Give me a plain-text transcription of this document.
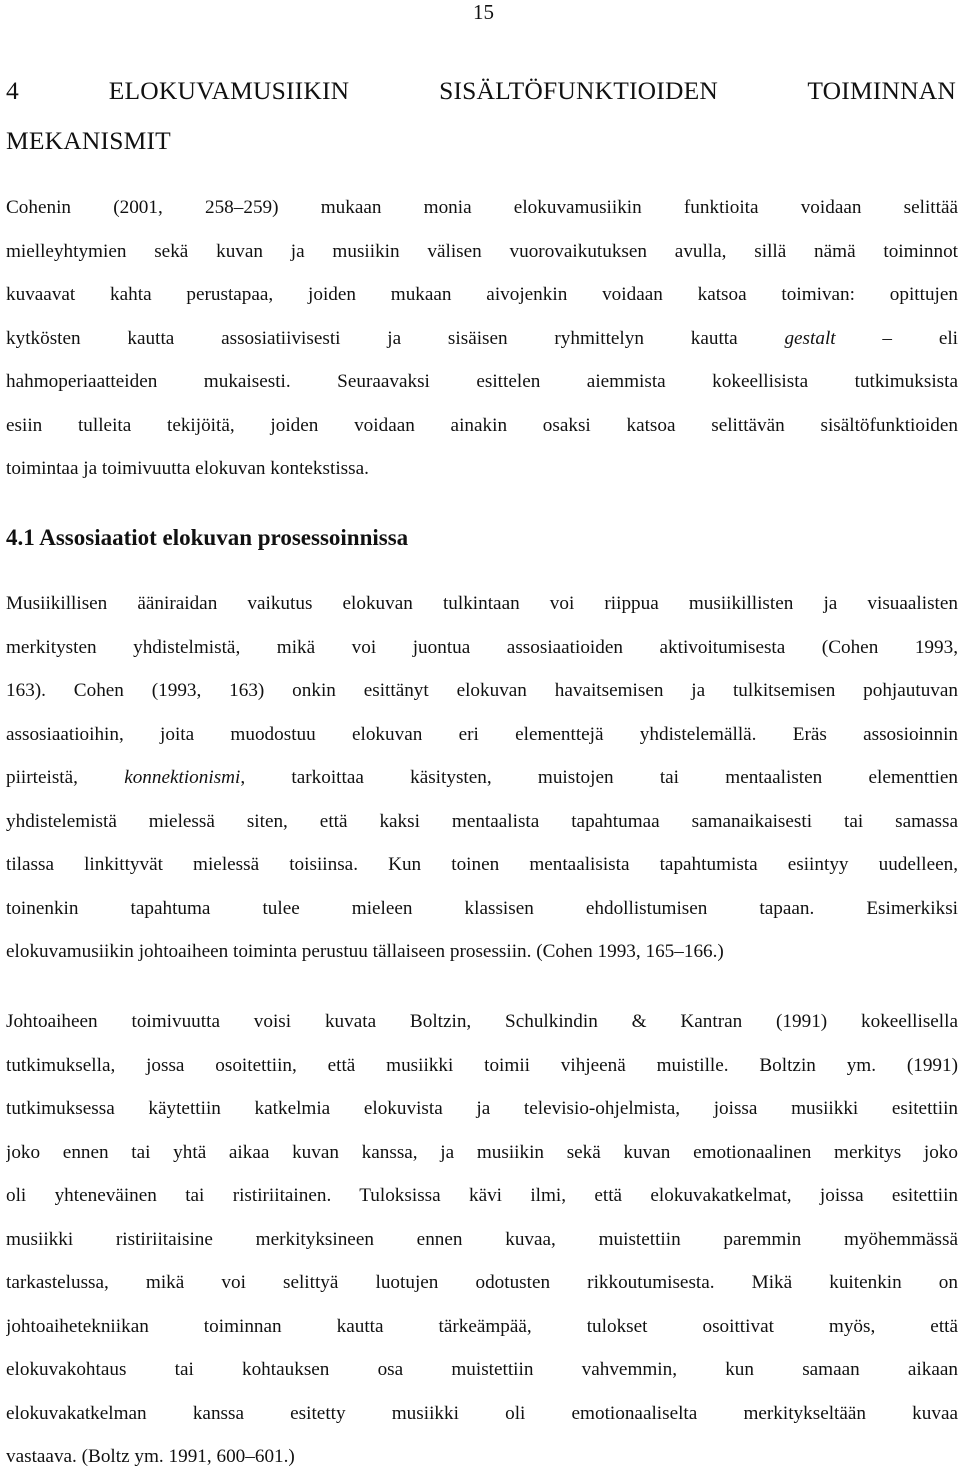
15
4 ELOKUVAMUSIIKIN SISÄLTÖFUNKTIOIDEN TOIMINNAN
MEKANISMIT
Cohenin (2001, 258–259) mukaan monia elokuvamusiikin funktioita voidaan selittää
mielleyhtymien sekä kuvan ja musiikin välisen vuorovaikutuksen avulla, sillä nämä toiminnot
kuvaavat kahta perustapaa, joiden mukaan aivojenkin voidaan katsoa toimivan: opittujen
kytkösten kautta assosiatiivisesti ja sisäisen ryhmittelyn kautta gestalt – eli
hahmoperiaatteiden mukaisesti. Seuraavaksi esittelen aiemmista kokeellisista tutkimuksista
esiin tulleita tekijöitä, joiden voidaan ainakin osaksi katsoa selittävän sisältöfunktioiden
toimintaa ja toimivuutta elokuvan kontekstissa.
4.1 Assosiaatiot elokuvan prosessoinnissa
Musiikillisen ääniraidan vaikutus elokuvan tulkintaan voi riippua musiikillisten ja visuaalisten
merkitysten yhdistelmistä, mikä voi juontua assosiaatioiden aktivoitumisesta (Cohen 1993,
163). Cohen (1993, 163) onkin esittänyt elokuvan havaitsemisen ja tulkitsemisen pohjautuvan
assosiaatioihin, joita muodostuu elokuvan eri elementtejä yhdistelemällä. Eräs assosioinnin
piirteistä, konnektionismi, tarkoittaa käsitysten, muistojen tai mentaalisten elementtien
yhdistelemistä mielessä siten, että kaksi mentaalista tapahtumaa samanaikaisesti tai samassa
tilassa linkittyvät mielessä toisiinsa. Kun toinen mentaalisista tapahtumista esiintyy uudelleen,
toinenkin tapahtuma tulee mieleen klassisen ehdollistumisen tapaan. Esimerkiksi
elokuvamusiikin johtoaiheen toiminta perustuu tällaiseen prosessiin. (Cohen 1993, 165–166.)
Johtoaiheen toimivuutta voisi kuvata Boltzin, Schulkindin & Kantran (1991) kokeellisella
tutkimuksella, jossa osoitettiin, että musiikki toimii vihjeenä muistille. Boltzin ym. (1991)
tutkimuksessa käytettiin katkelmia elokuvista ja televisio-ohjelmista, joissa musiikki esitettiin
joko ennen tai yhtä aikaa kuvan kanssa, ja musiikin sekä kuvan emotionaalinen merkitys joko
oli yhteneväinen tai ristiriitainen. Tuloksissa kävi ilmi, että elokuvakatkelmat, joissa esitettiin
musiikki ristiriitaisine merkityksineen ennen kuvaa, muistettiin paremmin myöhemmässä
tarkastelussa, mikä voi selittyä luotujen odotusten rikkoutumisesta. Mikä kuitenkin on
johtoaihetekniikan toiminnan kautta tärkeämpää, tulokset osoittivat myös, että
elokuvakohtaus tai kohtauksen osa muistettiin vahvemmin, kun samaan aikaan
elokuvakatkelman kanssa esitetty musiikki oli emotionaaliselta merkitykseltään kuvaa
vastaava. (Boltz ym. 1991, 600–601.)
